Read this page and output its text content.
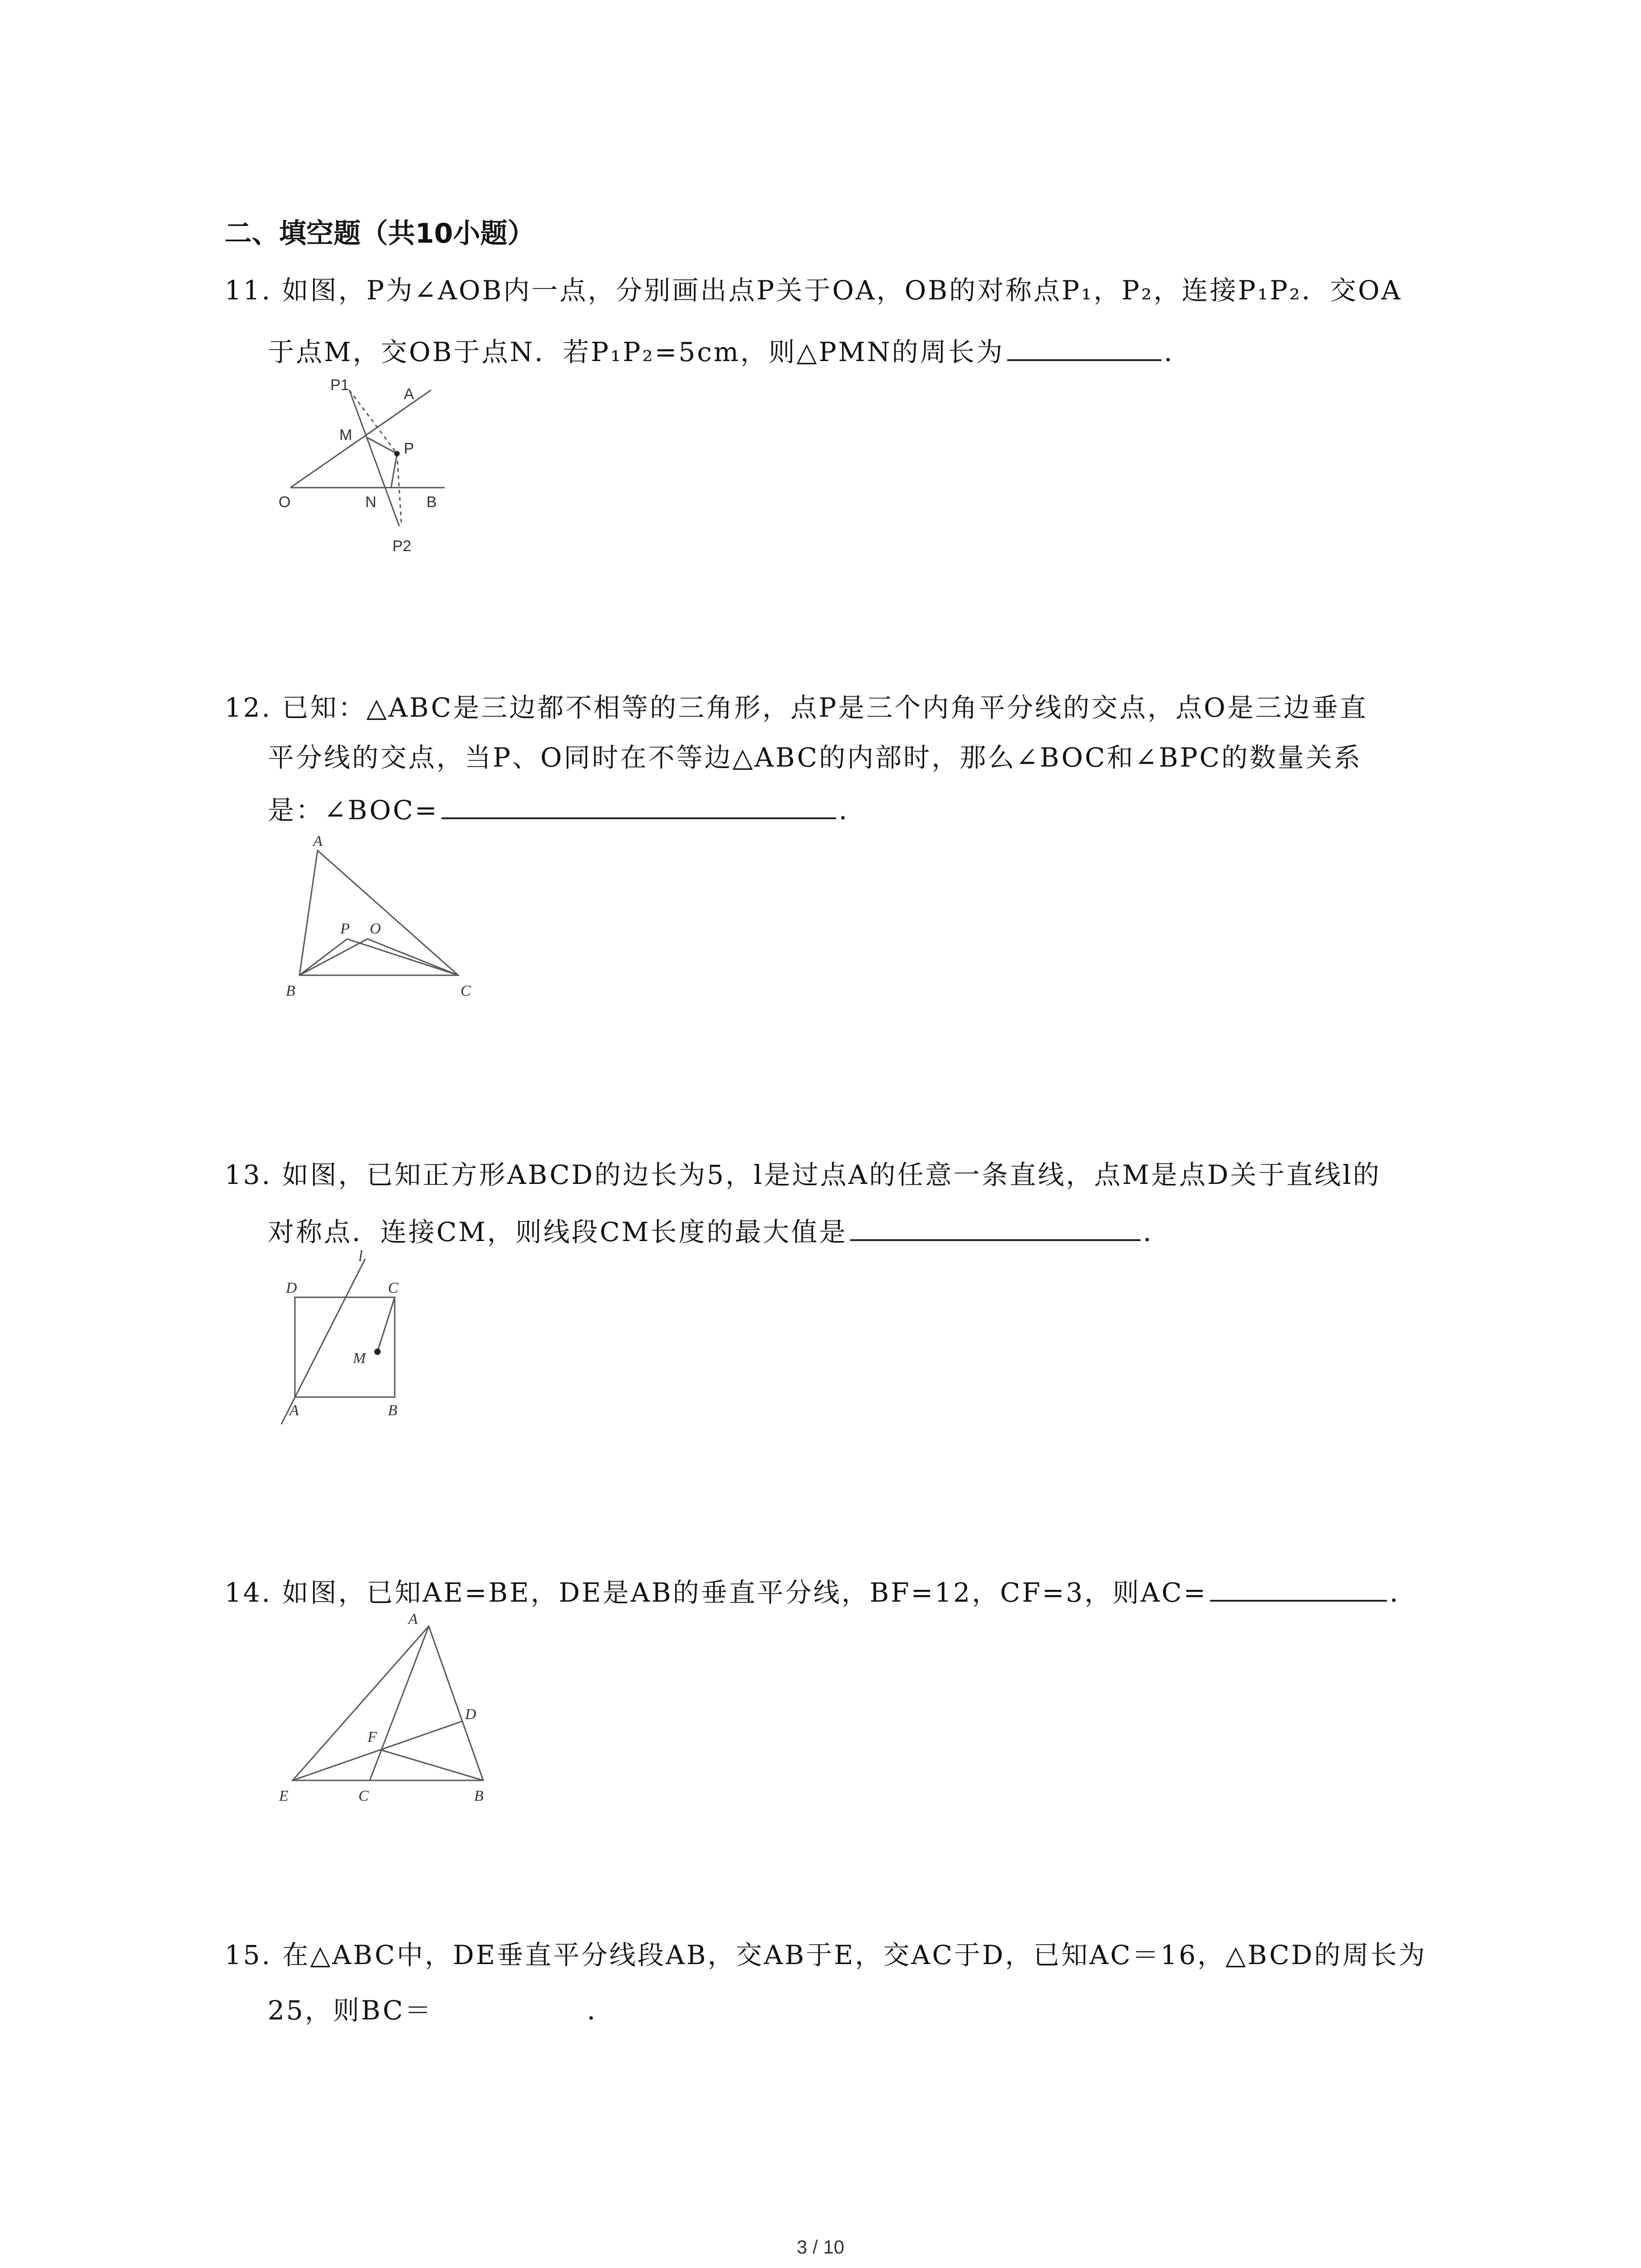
二、填空题（共10小题）
11. 如图，P为∠AOB内一点，分别画出点P关于OA，OB的对称点P₁，P₂，连接P₁P₂．交OA
于点M，交OB于点N．若P₁P₂=5cm，则△PMN的周长为	．
P1
A
M
P
O	N	B
P2
12. 已知：△ABC是三边都不相等的三角形，点P是三个内角平分线的交点，点O是三边垂直
平分线的交点，当P、O同时在不等边△ABC的内部时，那么∠BOC和∠BPC的数量关系
是：∠BOC=	．
A
P O
B	C
13. 如图，已知正方形ABCD的边长为5，l是过点A的任意一条直线，点M是点D关于直线l的
对称点．连接CM，则线段CM长度的最大值是	．
D
l
C
M
A	B
14. 如图，已知AE=BE，DE是AB的垂直平分线，BF=12，CF=3，则AC=	．
A
D
F
E	C	B
15. 在△ABC中，DE垂直平分线段AB，交AB于E，交AC于D，已知AC＝16，△BCD的周长为
25，则BC＝	．
3 / 10
